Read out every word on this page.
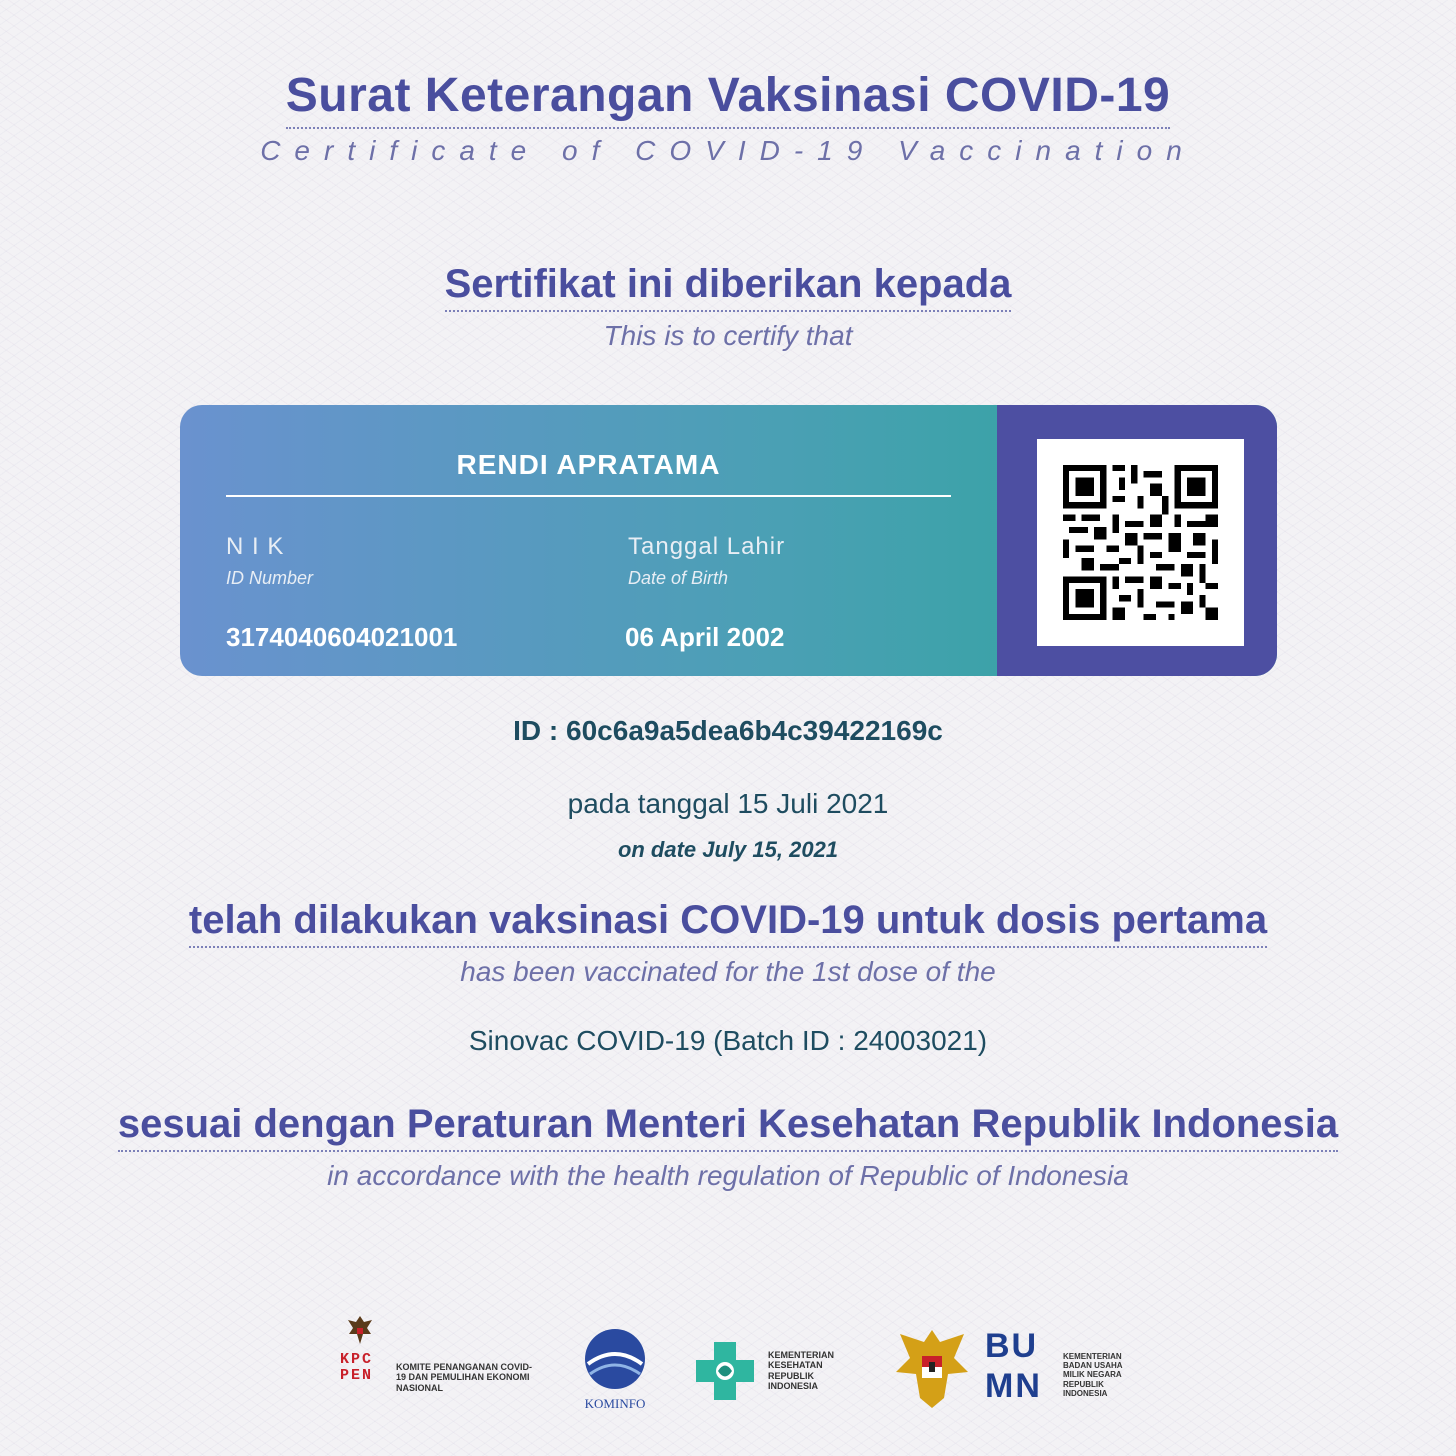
Surat Keterangan Vaksinasi COVID-19
Certificate of COVID-19 Vaccination
Sertifikat ini diberikan kepada
This is to certify that
RENDI APRATAMA
N I K
ID Number
3174040604021001
Tanggal Lahir
Date of Birth
06 April 2002
ID : 60c6a9a5dea6b4c39422169c
pada tanggal 15 Juli 2021
on date July 15, 2021
telah dilakukan vaksinasi COVID-19 untuk dosis pertama
has been vaccinated for the 1st dose of the
Sinovac COVID-19 (Batch ID : 24003021)
sesuai dengan Peraturan Menteri Kesehatan Republik Indonesia
in accordance with the health regulation of Republic of Indonesia
KPC PEN	KOMITE PENANGANAN COVID-19 DAN PEMULIHAN EKONOMI NASIONAL
KOMINFO
KEMENTERIAN KESEHATAN REPUBLIK INDONESIA
BUMN
KEMENTERIAN BADAN USAHA MILIK NEGARA REPUBLIK INDONESIA
